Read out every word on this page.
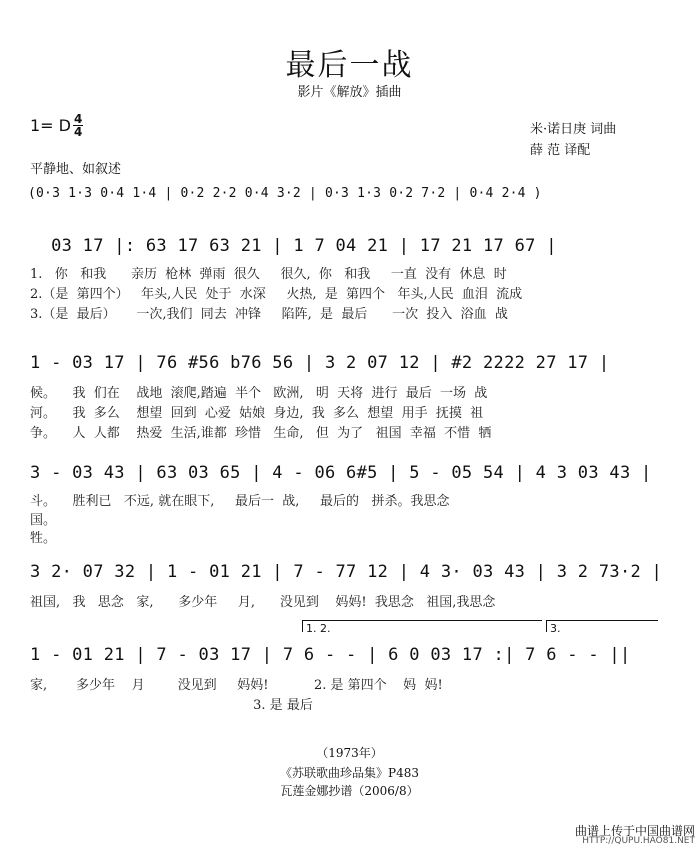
最后一战
影片《解放》插曲
1= D 4
4	米·诺日庚 词曲
薛 范 译配
平静地、如叙述
(0·3 1·3 0·4 1·4 | 0·2 2·2 0·4 3·2 | 0·3 1·3 0·2 7·2 | 0·4 2·4 )
03 17 |: 63 17 63 21 | 1 7 04 21 | 17 21 17 67 |
1.   你   和我      亲历  枪林  弹雨  很久     很久,  你   和我     一直  没有  休息  时
2.（是  第四个）   年头,人民  处于  水深     火热,  是  第四个   年头,人民  血泪  流成
3.（是  最后）     一次,我们  同去  冲锋     陷阵,  是  最后      一次  投入  浴血  战
1 - 03 17 | 76 #56 b76 56 | 3 2 07 12 | #2 2222 27 17 |
候。    我  们在    战地  滚爬,踏遍  半个   欧洲,   明  天将  进行  最后  一场  战
河。    我  多么    想望  回到  心爱  姑娘  身边,  我  多么  想望  用手  抚摸  祖
争。    人  人都    热爱  生活,谁都  珍惜   生命,   但  为了   祖国  幸福  不惜  牺
3 - 03 43 | 63 03 65 | 4 - 06 6#5 | 5 - 05 54 | 4 3 03 43 |
斗。    胜利已   不远, 就在眼下,     最后一  战,     最后的   拼杀。我思念
国。
牲。
3 2· 07 32 | 1 - 01 21 | 7 - 77 12 | 4 3· 03 43 | 3 2 73·2 |
祖国,   我   思念   家,      多少年     月,      没见到    妈妈!  我思念   祖国,我思念
1. 2.	3.
1 - 01 21 | 7 - 03 17 | 7 6 - - | 6 0 03 17 :| 7 6 - - ||
家,       多少年    月        没见到     妈妈!           2. 是 第四个    妈  妈!
3. 是 最后
（1973年）
《苏联歌曲珍品集》P483
瓦莲金娜抄谱（2006/8）
曲谱上传于中国曲谱网
HTTP://QUPU.HAO81.NET
